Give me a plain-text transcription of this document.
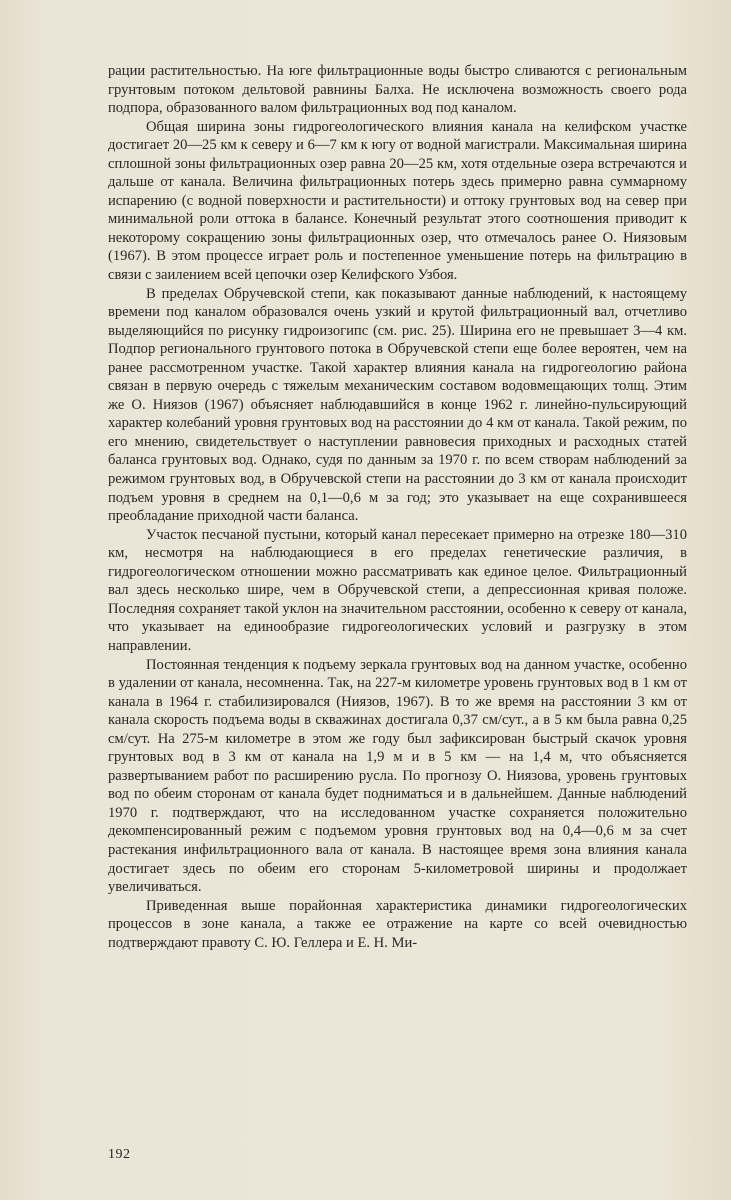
рации растительностью. На юге фильтрационные воды быстро сливаются с региональным грунтовым потоком дельтовой равнины Балха. Не исключена возможность своего рода подпора, образованного валом фильтрационных вод под каналом.

Общая ширина зоны гидрогеологического влияния канала на келифском участке достигает 20—25 км к северу и 6—7 км к югу от водной магистрали. Максимальная ширина сплошной зоны фильтрационных озер равна 20—25 км, хотя отдельные озера встречаются и дальше от канала. Величина фильтрационных потерь здесь примерно равна суммарному испарению (с водной поверхности и растительности) и оттоку грунтовых вод на север при минимальной роли оттока в балансе. Конечный результат этого соотношения приводит к некоторому сокращению зоны фильтрационных озер, что отмечалось ранее О. Ниязовым (1967). В этом процессе играет роль и постепенное уменьшение потерь на фильтрацию в связи с заилением всей цепочки озер Келифского Узбоя.

В пределах Обручевской степи, как показывают данные наблюдений, к настоящему времени под каналом образовался очень узкий и крутой фильтрационный вал, отчетливо выделяющийся по рисунку гидроизогипс (см. рис. 25). Ширина его не превышает 3—4 км. Подпор регионального грунтового потока в Обручевской степи еще более вероятен, чем на ранее рассмотренном участке. Такой характер влияния канала на гидрогеологию района связан в первую очередь с тяжелым механическим составом водовмещающих толщ. Этим же О. Ниязов (1967) объясняет наблюдавшийся в конце 1962 г. линейно-пульсирующий характер колебаний уровня грунтовых вод на расстоянии до 4 км от канала. Такой режим, по его мнению, свидетельствует о наступлении равновесия приходных и расходных статей баланса грунтовых вод. Однако, судя по данным за 1970 г. по всем створам наблюдений за режимом грунтовых вод, в Обручевской степи на расстоянии до 3 км от канала происходит подъем уровня в среднем на 0,1—0,6 м за год; это указывает на еще сохранившееся преобладание приходной части баланса.

Участок песчаной пустыни, который канал пересекает примерно на отрезке 180—310 км, несмотря на наблюдающиеся в его пределах генетические различия, в гидрогеологическом отношении можно рассматривать как единое целое. Фильтрационный вал здесь несколько шире, чем в Обручевской степи, а депрессионная кривая положе. Последняя сохраняет такой уклон на значительном расстоянии, особенно к северу от канала, что указывает на единообразие гидрогеологических условий и разгрузку в этом направлении.

Постоянная тенденция к подъему зеркала грунтовых вод на данном участке, особенно в удалении от канала, несомненна. Так, на 227-м километре уровень грунтовых вод в 1 км от канала в 1964 г. стабилизировался (Ниязов, 1967). В то же время на расстоянии 3 км от канала скорость подъема воды в скважинах достигала 0,37 см/сут., а в 5 км была равна 0,25 см/сут. На 275-м километре в этом же году был зафиксирован быстрый скачок уровня грунтовых вод в 3 км от канала на 1,9 м и в 5 км — на 1,4 м, что объясняется развертыванием работ по расширению русла. По прогнозу О. Ниязова, уровень грунтовых вод по обеим сторонам от канала будет подниматься и в дальнейшем. Данные наблюдений 1970 г. подтверждают, что на исследованном участке сохраняется положительно декомпенсированный режим с подъемом уровня грунтовых вод на 0,4—0,6 м за счет растекания инфильтрационного вала от канала. В настоящее время зона влияния канала достигает здесь по обеим его сторонам 5-километровой ширины и продолжает увеличиваться.

Приведенная выше порайонная характеристика динамики гидрогеологических процессов в зоне канала, а также ее отражение на карте со всей очевидностью подтверждают правоту С. Ю. Геллера и Е. Н. Ми-

192
